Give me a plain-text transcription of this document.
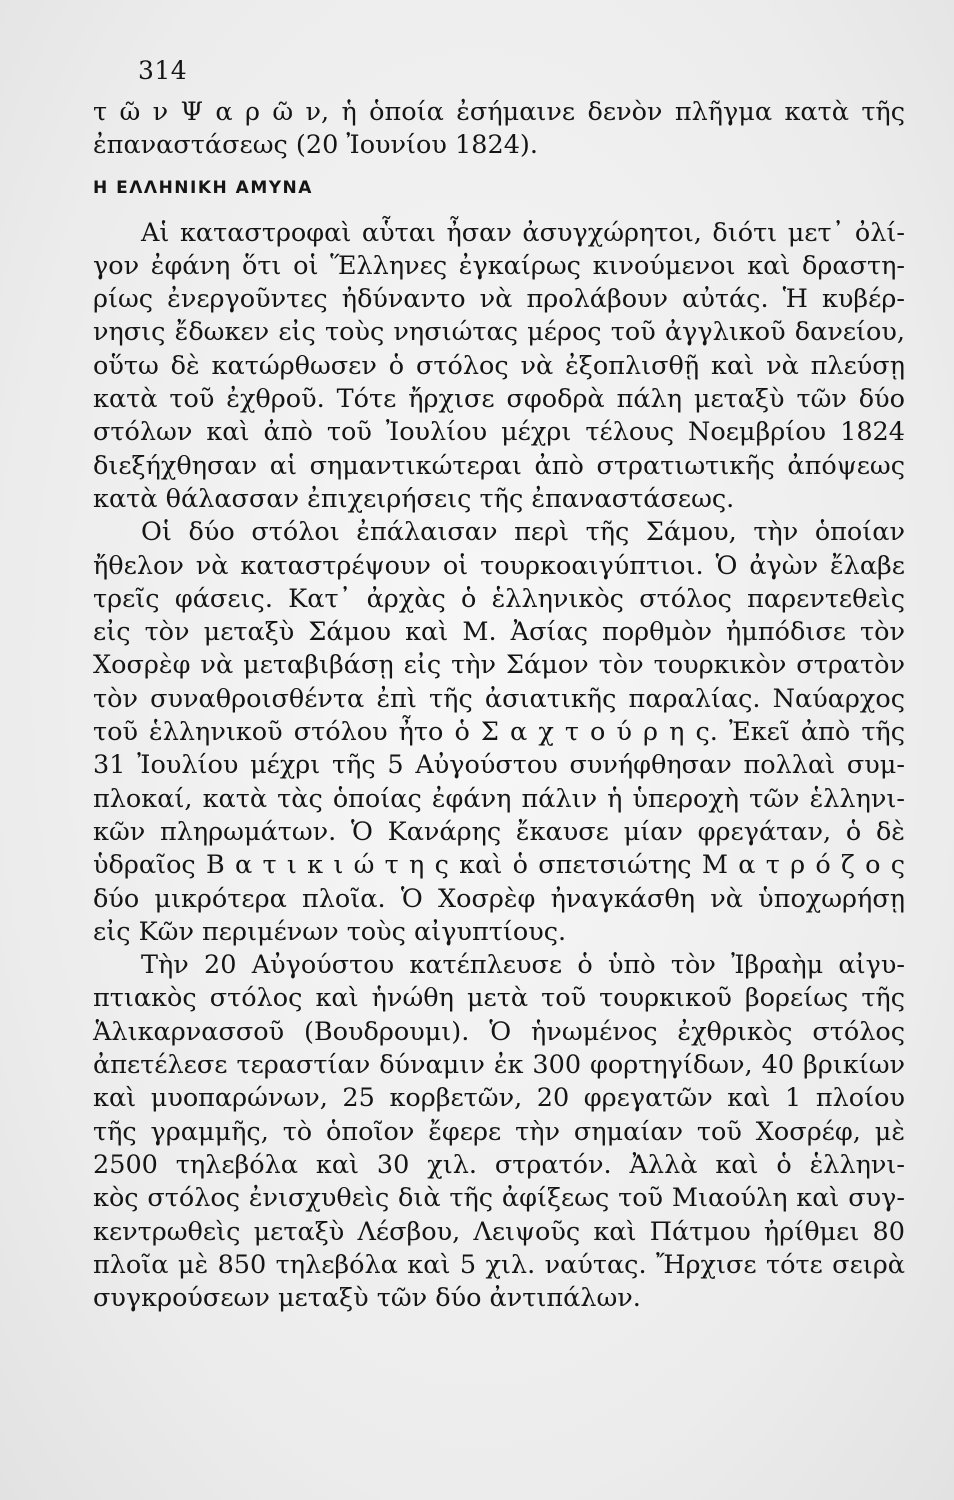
314

τ ῶ ν Ψ α ρ ῶ ν, ἡ ὁποία ἐσήμαινε δενὸν πλῆγμα κατὰ τῆς
ἐπαναστάσεως (20 Ἰουνίου 1824).

Η ΕΛΛΗΝΙΚΗ ΑΜΥΝΑ

Αἱ καταστροφαὶ αὗται ἦσαν ἀσυγχώρητοι, διότι μετ᾽ ὀλί-
γον ἐφάνη ὅτι οἱ Ἕλληνες ἐγκαίρως κινούμενοι καὶ δραστη-
ρίως ἐνεργοῦντες ἠδύναντο νὰ προλάβουν αὐτάς. Ἡ κυβέρ-
νησις ἔδωκεν εἰς τοὺς νησιώτας μέρος τοῦ ἀγγλικοῦ δανείου,
οὕτω δὲ κατώρθωσεν ὁ στόλος νὰ ἐξοπλισθῇ καὶ νὰ πλεύσῃ
κατὰ τοῦ ἐχθροῦ. Τότε ἤρχισε σφοδρὰ πάλη μεταξὺ τῶν δύο
στόλων καὶ ἀπὸ τοῦ Ἰουλίου μέχρι τέλους Νοεμβρίου 1824
διεξήχθησαν αἱ σημαντικώτεραι ἀπὸ στρατιωτικῆς ἀπόψεως
κατὰ θάλασσαν ἐπιχειρήσεις τῆς ἐπαναστάσεως.

Οἱ δύο στόλοι ἐπάλαισαν περὶ τῆς Σάμου, τὴν ὁποίαν
ἤθελον νὰ καταστρέψουν οἱ τουρκοαιγύπτιοι. Ὁ ἀγὼν ἔλαβε
τρεῖς φάσεις. Κατ᾽ ἀρχὰς ὁ ἑλληνικὸς στόλος παρεντεθεὶς
εἰς τὸν μεταξὺ Σάμου καὶ Μ. Ἀσίας πορθμὸν ἠμπόδισε τὸν
Χοσρὲφ νὰ μεταβιβάσῃ εἰς τὴν Σάμον τὸν τουρκικὸν στρατὸν
τὸν συναθροισθέντα ἐπὶ τῆς ἀσιατικῆς παραλίας. Ναύαρχος
τοῦ ἑλληνικοῦ στόλου ἦτο ὁ Σ α χ τ ο ύ ρ η ς. Ἐκεῖ ἀπὸ τῆς
31 Ἰουλίου μέχρι τῆς 5 Αὐγούστου συνήφθησαν πολλαὶ συμ-
πλοκαί, κατὰ τὰς ὁποίας ἐφάνη πάλιν ἡ ὑπεροχὴ τῶν ἑλληνι-
κῶν πληρωμάτων. Ὁ Κανάρης ἔκαυσε μίαν φρεγάταν, ὁ δὲ
ὑδραῖος Β α τ ι κ ι ώ τ η ς καὶ ὁ σπετσιώτης Μ α τ ρ ό ζ ο ς
δύο μικρότερα πλοῖα. Ὁ Χοσρὲφ ἠναγκάσθη νὰ ὑποχωρήσῃ
εἰς Κῶν περιμένων τοὺς αἰγυπτίους.

Τὴν 20 Αὐγούστου κατέπλευσε ὁ ὑπὸ τὸν Ἰβραὴμ αἰγυ-
πτιακὸς στόλος καὶ ἡνώθη μετὰ τοῦ τουρκικοῦ βορείως τῆς
Ἁλικαρνασσοῦ (Βουδρουμι). Ὁ ἡνωμένος ἐχθρικὸς στόλος
ἀπετέλεσε τεραστίαν δύναμιν ἐκ 300 φορτηγίδων, 40 βρικίων
καὶ μυοπαρώνων, 25 κορβετῶν, 20 φρεγατῶν καὶ 1 πλοίου
τῆς γραμμῆς, τὸ ὁποῖον ἔφερε τὴν σημαίαν τοῦ Χοσρέφ, μὲ
2500 τηλεβόλα καὶ 30 χιλ. στρατόν. Ἀλλὰ καὶ ὁ ἑλληνι-
κὸς στόλος ἐνισχυθεὶς διὰ τῆς ἀφίξεως τοῦ Μιαούλη καὶ συγ-
κεντρωθεὶς μεταξὺ Λέσβου, Λειψοῦς καὶ Πάτμου ἠρίθμει 80
πλοῖα μὲ 850 τηλεβόλα καὶ 5 χιλ. ναύτας. Ἤρχισε τότε σειρὰ
συγκρούσεων μεταξὺ τῶν δύο ἀντιπάλων.
